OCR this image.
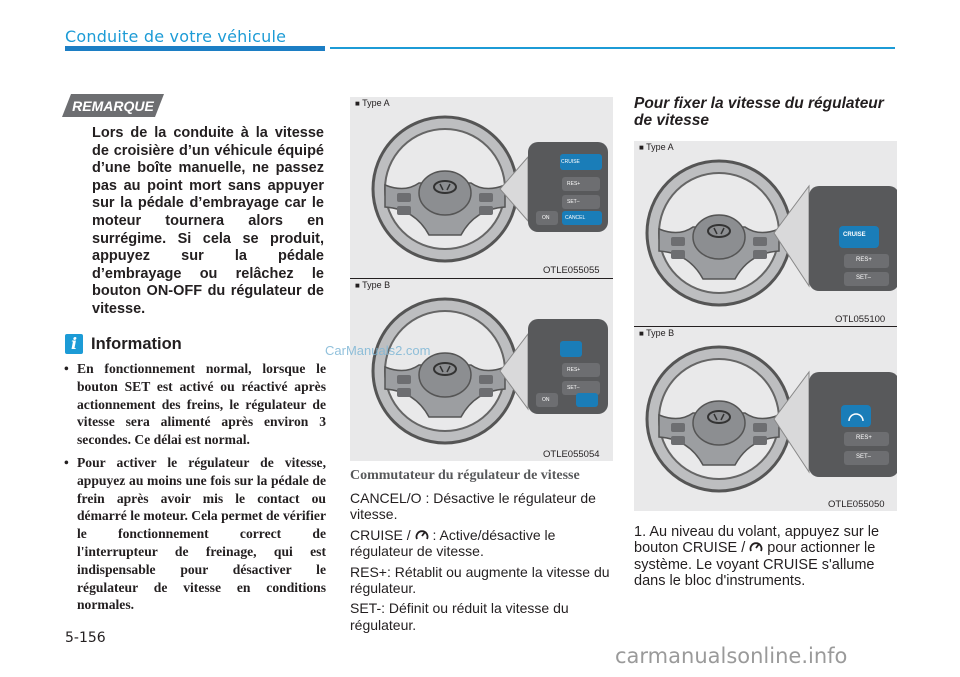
Conduite de votre véhicule
REMARQUE
Lors de la conduite à la vitesse de croisière d’un véhicule équipé d’une boîte manuelle, ne passez pas au point mort sans appuyer sur la pédale d’embrayage car le moteur tournera alors en surrégime. Si cela se produit, appuyez sur la pédale d’embrayage ou relâchez le bouton ON-OFF du régulateur de vitesse.
i Information
• En fonctionnement normal, lorsque le bouton SET est activé ou réactivé après actionnement des freins, le régulateur de vitesse sera alimenté après environ 3 secondes. Ce délai est normal.
• Pour activer le régulateur de vitesse, appuyez au moins une fois sur la pédale de frein après avoir mis le contact ou démarré le moteur. Cela permet de vérifier le fonctionnement correct de l'interrupteur de freinage, qui est indispensable pour désactiver le régulateur de vitesse en conditions normales.
■ Type A
CRUISE
RES+
SET–
ON	CANCEL
OTLE055055
■ Type B
RES+
SET–
ON
OTLE055054
Commutateur du régulateur de vitesse
CANCEL/O : Désactive le régulateur de vitesse.
CRUISE / : Active/désactive le régulateur de vitesse.
RES+: Rétablit ou augmente la vitesse du régulateur.
SET-: Définit ou réduit la vitesse du régulateur.
Pour fixer la vitesse du régulateur de vitesse
■ Type A
CRUISE
RES+
SET–
OTL055100
■ Type B
RES+
SET–
OTLE055050
1. Au niveau du volant, appuyez sur le bouton CRUISE / pour actionner le système. Le voyant CRUISE s'allume dans le bloc d'instruments.
5-156
CarManuals2.com
carmanualsonline.info
